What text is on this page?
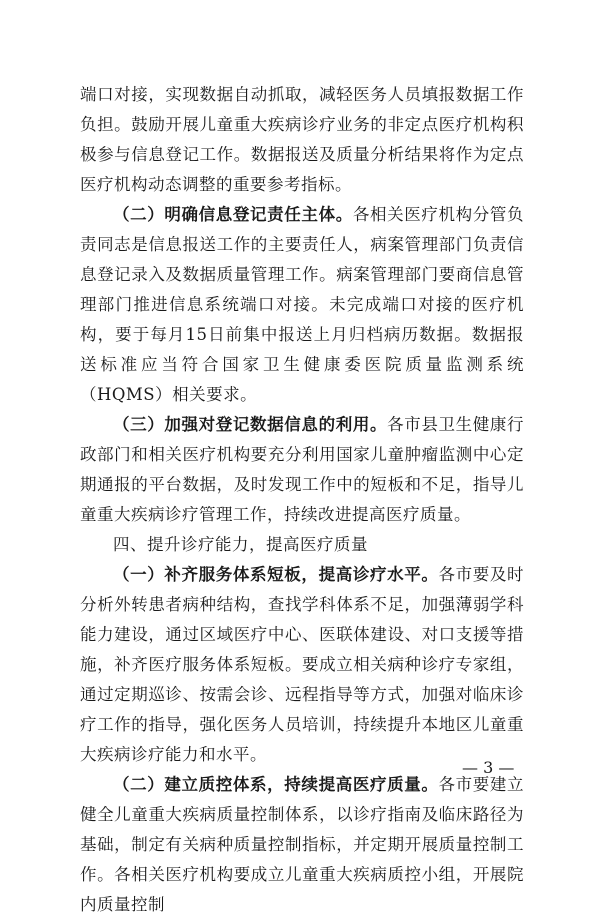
端口对接，实现数据自动抓取，减轻医务人员填报数据工作负担。鼓励开展儿童重大疾病诊疗业务的非定点医疗机构积极参与信息登记工作。数据报送及质量分析结果将作为定点医疗机构动态调整的重要参考指标。

（二）明确信息登记责任主体。各相关医疗机构分管负责同志是信息报送工作的主要责任人，病案管理部门负责信息登记录入及数据质量管理工作。病案管理部门要商信息管理部门推进信息系统端口对接。未完成端口对接的医疗机构，要于每月15日前集中报送上月归档病历数据。数据报送标准应当符合国家卫生健康委医院质量监测系统（HQMS）相关要求。

（三）加强对登记数据信息的利用。各市县卫生健康行政部门和相关医疗机构要充分利用国家儿童肿瘤监测中心定期通报的平台数据，及时发现工作中的短板和不足，指导儿童重大疾病诊疗管理工作，持续改进提高医疗质量。

四、提升诊疗能力，提高医疗质量

（一）补齐服务体系短板，提高诊疗水平。各市要及时分析外转患者病种结构，查找学科体系不足，加强薄弱学科能力建设，通过区域医疗中心、医联体建设、对口支援等措施，补齐医疗服务体系短板。要成立相关病种诊疗专家组，通过定期巡诊、按需会诊、远程指导等方式，加强对临床诊疗工作的指导，强化医务人员培训，持续提升本地区儿童重大疾病诊疗能力和水平。

（二）建立质控体系，持续提高医疗质量。各市要建立健全儿童重大疾病质量控制体系，以诊疗指南及临床路径为基础，制定有关病种质量控制指标，并定期开展质量控制工作。各相关医疗机构要成立儿童重大疾病质控小组，开展院内质量控制

— 3 —
